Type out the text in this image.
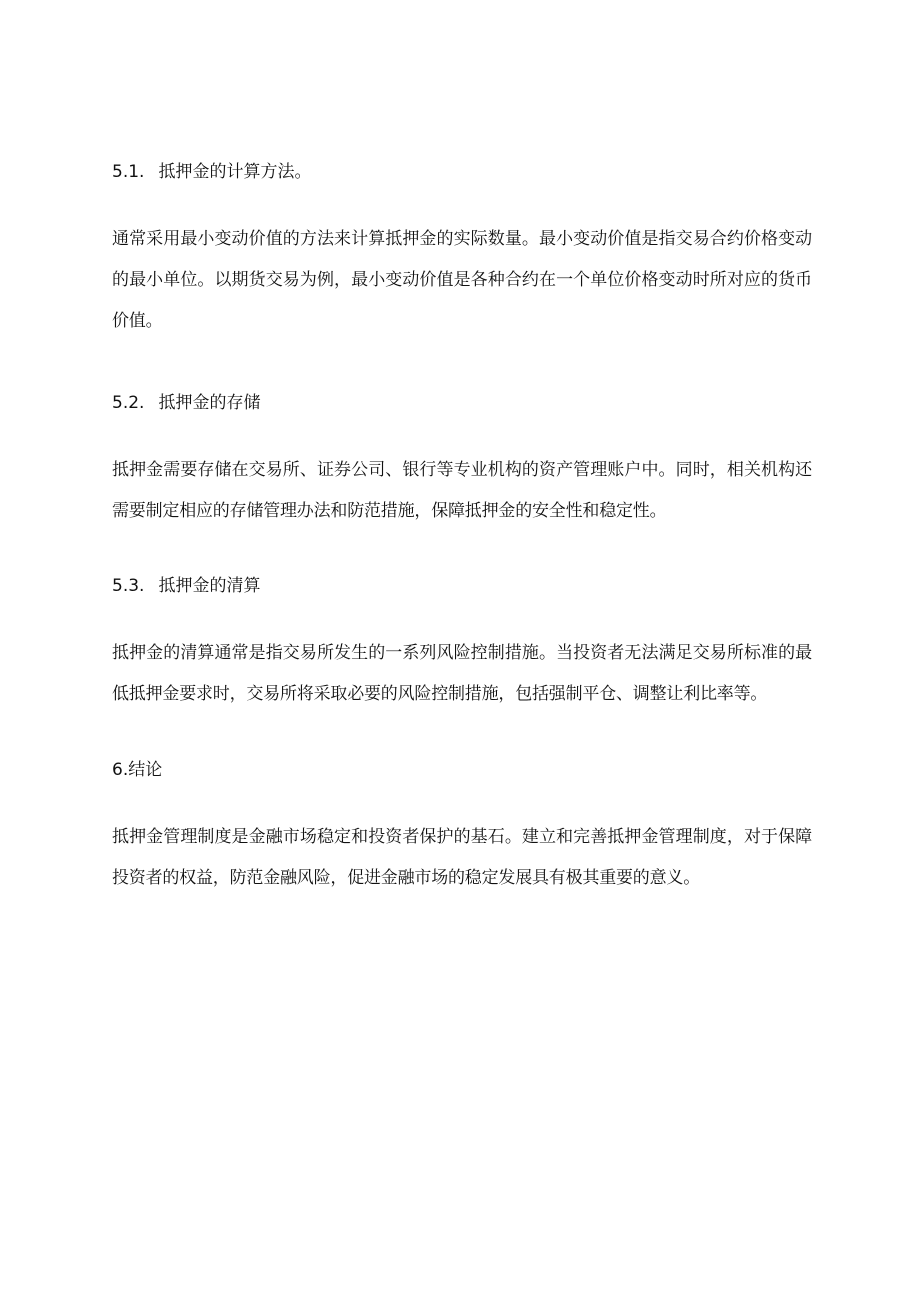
5.1. 抵押金的计算方法。

通常采用最小变动价值的方法来计算抵押金的实际数量。最小变动价值是指交易合约价格变动的最小单位。以期货交易为例，最小变动价值是各种合约在一个单位价格变动时所对应的货币价值。

5.2. 抵押金的存储

抵押金需要存储在交易所、证券公司、银行等专业机构的资产管理账户中。同时，相关机构还需要制定相应的存储管理办法和防范措施，保障抵押金的安全性和稳定性。

5.3. 抵押金的清算

抵押金的清算通常是指交易所发生的一系列风险控制措施。当投资者无法满足交易所标准的最低抵押金要求时，交易所将采取必要的风险控制措施，包括强制平仓、调整让利比率等。

6.结论

抵押金管理制度是金融市场稳定和投资者保护的基石。建立和完善抵押金管理制度，对于保障投资者的权益，防范金融风险，促进金融市场的稳定发展具有极其重要的意义。
